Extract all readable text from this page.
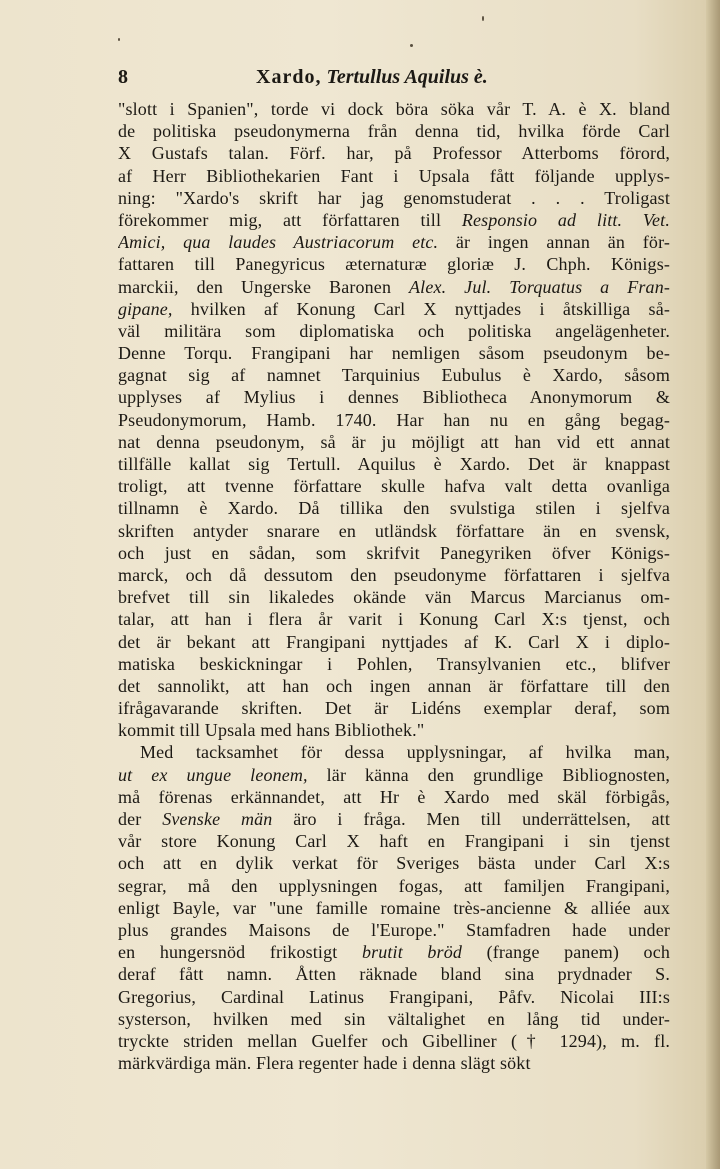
8	Xardo, Tertullus Aquilus è.
"slott i Spanien", torde vi dock böra söka vår T. A. è X. bland
de politiska pseudonymerna från denna tid, hvilka förde Carl
X Gustafs talan. Förf. har, på Professor Atterboms förord,
af Herr Bibliothekarien Fant i Upsala fått följande upplys-
ning: "Xardo's skrift har jag genomstuderat . . . Troligast
förekommer mig, att författaren till Responsio ad litt. Vet.
Amici, qua laudes Austriacorum etc. är ingen annan än för-
fattaren till Panegyricus æternaturæ gloriæ J. Chph. Königs-
marckii, den Ungerske Baronen Alex. Jul. Torquatus a Fran-
gipane, hvilken af Konung Carl X nyttjades i åtskilliga så-
väl militära som diplomatiska och politiska angelägenheter.
Denne Torqu. Frangipani har nemligen såsom pseudonym be-
gagnat sig af namnet Tarquinius Eubulus è Xardo, såsom
upplyses af Mylius i dennes Bibliotheca Anonymorum &
Pseudonymorum, Hamb. 1740. Har han nu en gång begag-
nat denna pseudonym, så är ju möjligt att han vid ett annat
tillfälle kallat sig Tertull. Aquilus è Xardo. Det är knappast
troligt, att tvenne författare skulle hafva valt detta ovanliga
tillnamn è Xardo. Då tillika den svulstiga stilen i sjelfva
skriften antyder snarare en utländsk författare än en svensk,
och just en sådan, som skrifvit Panegyriken öfver Königs-
marck, och då dessutom den pseudonyme författaren i sjelfva
brefvet till sin likaledes okände vän Marcus Marcianus om-
talar, att han i flera år varit i Konung Carl X:s tjenst, och
det är bekant att Frangipani nyttjades af K. Carl X i diplo-
matiska beskickningar i Pohlen, Transylvanien etc., blifver
det sannolikt, att han och ingen annan är författare till den
ifrågavarande skriften. Det är Lidéns exemplar deraf, som
kommit till Upsala med hans Bibliothek."
Med tacksamhet för dessa upplysningar, af hvilka man,
ut ex ungue leonem, lär känna den grundlige Bibliognosten,
må förenas erkännandet, att Hr è Xardo med skäl förbigås,
der Svenske män äro i fråga. Men till underrättelsen, att
vår store Konung Carl X haft en Frangipani i sin tjenst
och att en dylik verkat för Sveriges bästa under Carl X:s
segrar, må den upplysningen fogas, att familjen Frangipani,
enligt Bayle, var "une famille romaine très-ancienne & alliée aux
plus grandes Maisons de l'Europe." Stamfadren hade under
en hungersnöd frikostigt brutit bröd (frange panem) och
deraf fått namn. Åtten räknade bland sina prydnader S.
Gregorius, Cardinal Latinus Frangipani, Påfv. Nicolai III:s
systerson, hvilken med sin vältalighet en lång tid under-
tryckte striden mellan Guelfer och Gibelliner († 1294), m. fl.
märkvärdiga män. Flera regenter hade i denna slägt sökt
